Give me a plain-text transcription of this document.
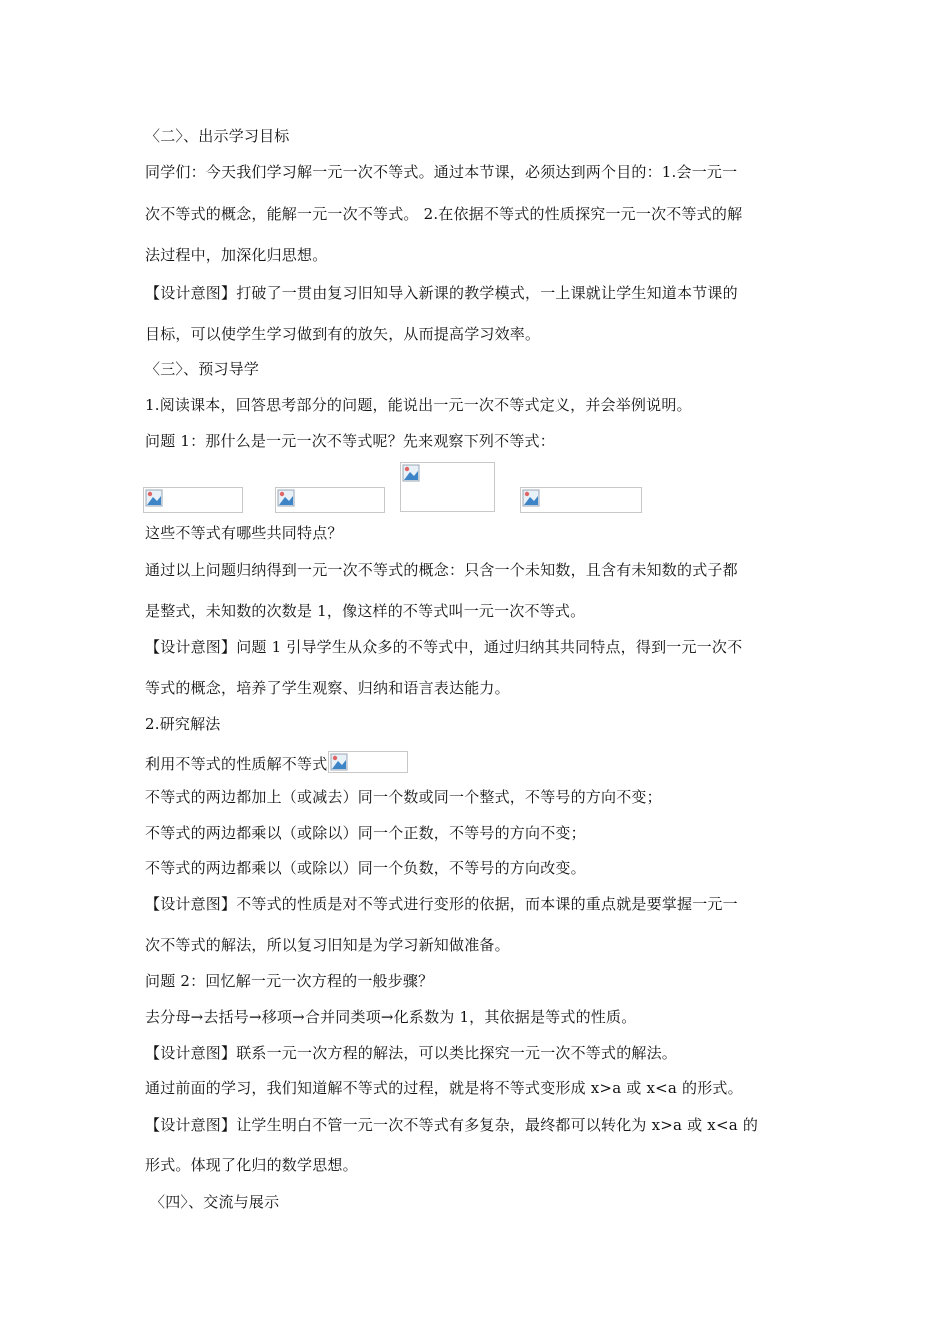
〈二〉、出示学习目标
同学们：今天我们学习解一元一次不等式。通过本节课，必须达到两个目的：1.会一元一
次不等式的概念，能解一元一次不等式。 2.在依据不等式的性质探究一元一次不等式的解
法过程中，加深化归思想。
【设计意图】打破了一贯由复习旧知导入新课的教学模式，一上课就让学生知道本节课的
目标，可以使学生学习做到有的放矢，从而提高学习效率。
〈三〉、预习导学
1.阅读课本，回答思考部分的问题，能说出一元一次不等式定义，并会举例说明。
问题 1：那什么是一元一次不等式呢？先来观察下列不等式：
这些不等式有哪些共同特点？
通过以上问题归纳得到一元一次不等式的概念：只含一个未知数，且含有未知数的式子都
是整式，未知数的次数是 1，像这样的不等式叫一元一次不等式。
【设计意图】问题 1 引导学生从众多的不等式中，通过归纳其共同特点，得到一元一次不
等式的概念，培养了学生观察、归纳和语言表达能力。
2.研究解法
利用不等式的性质解不等式
不等式的两边都加上（或减去）同一个数或同一个整式，不等号的方向不变；
不等式的两边都乘以（或除以）同一个正数，不等号的方向不变；
不等式的两边都乘以（或除以）同一个负数，不等号的方向改变。
【设计意图】不等式的性质是对不等式进行变形的依据，而本课的重点就是要掌握一元一
次不等式的解法，所以复习旧知是为学习新知做准备。
问题 2：回忆解一元一次方程的一般步骤？
去分母→去括号→移项→合并同类项→化系数为 1，其依据是等式的性质。
【设计意图】联系一元一次方程的解法，可以类比探究一元一次不等式的解法。
通过前面的学习，我们知道解不等式的过程，就是将不等式变形成 x>a 或 x<a 的形式。
【设计意图】让学生明白不管一元一次不等式有多复杂，最终都可以转化为 x>a 或 x<a 的
形式。体现了化归的数学思想。
〈四〉、交流与展示
